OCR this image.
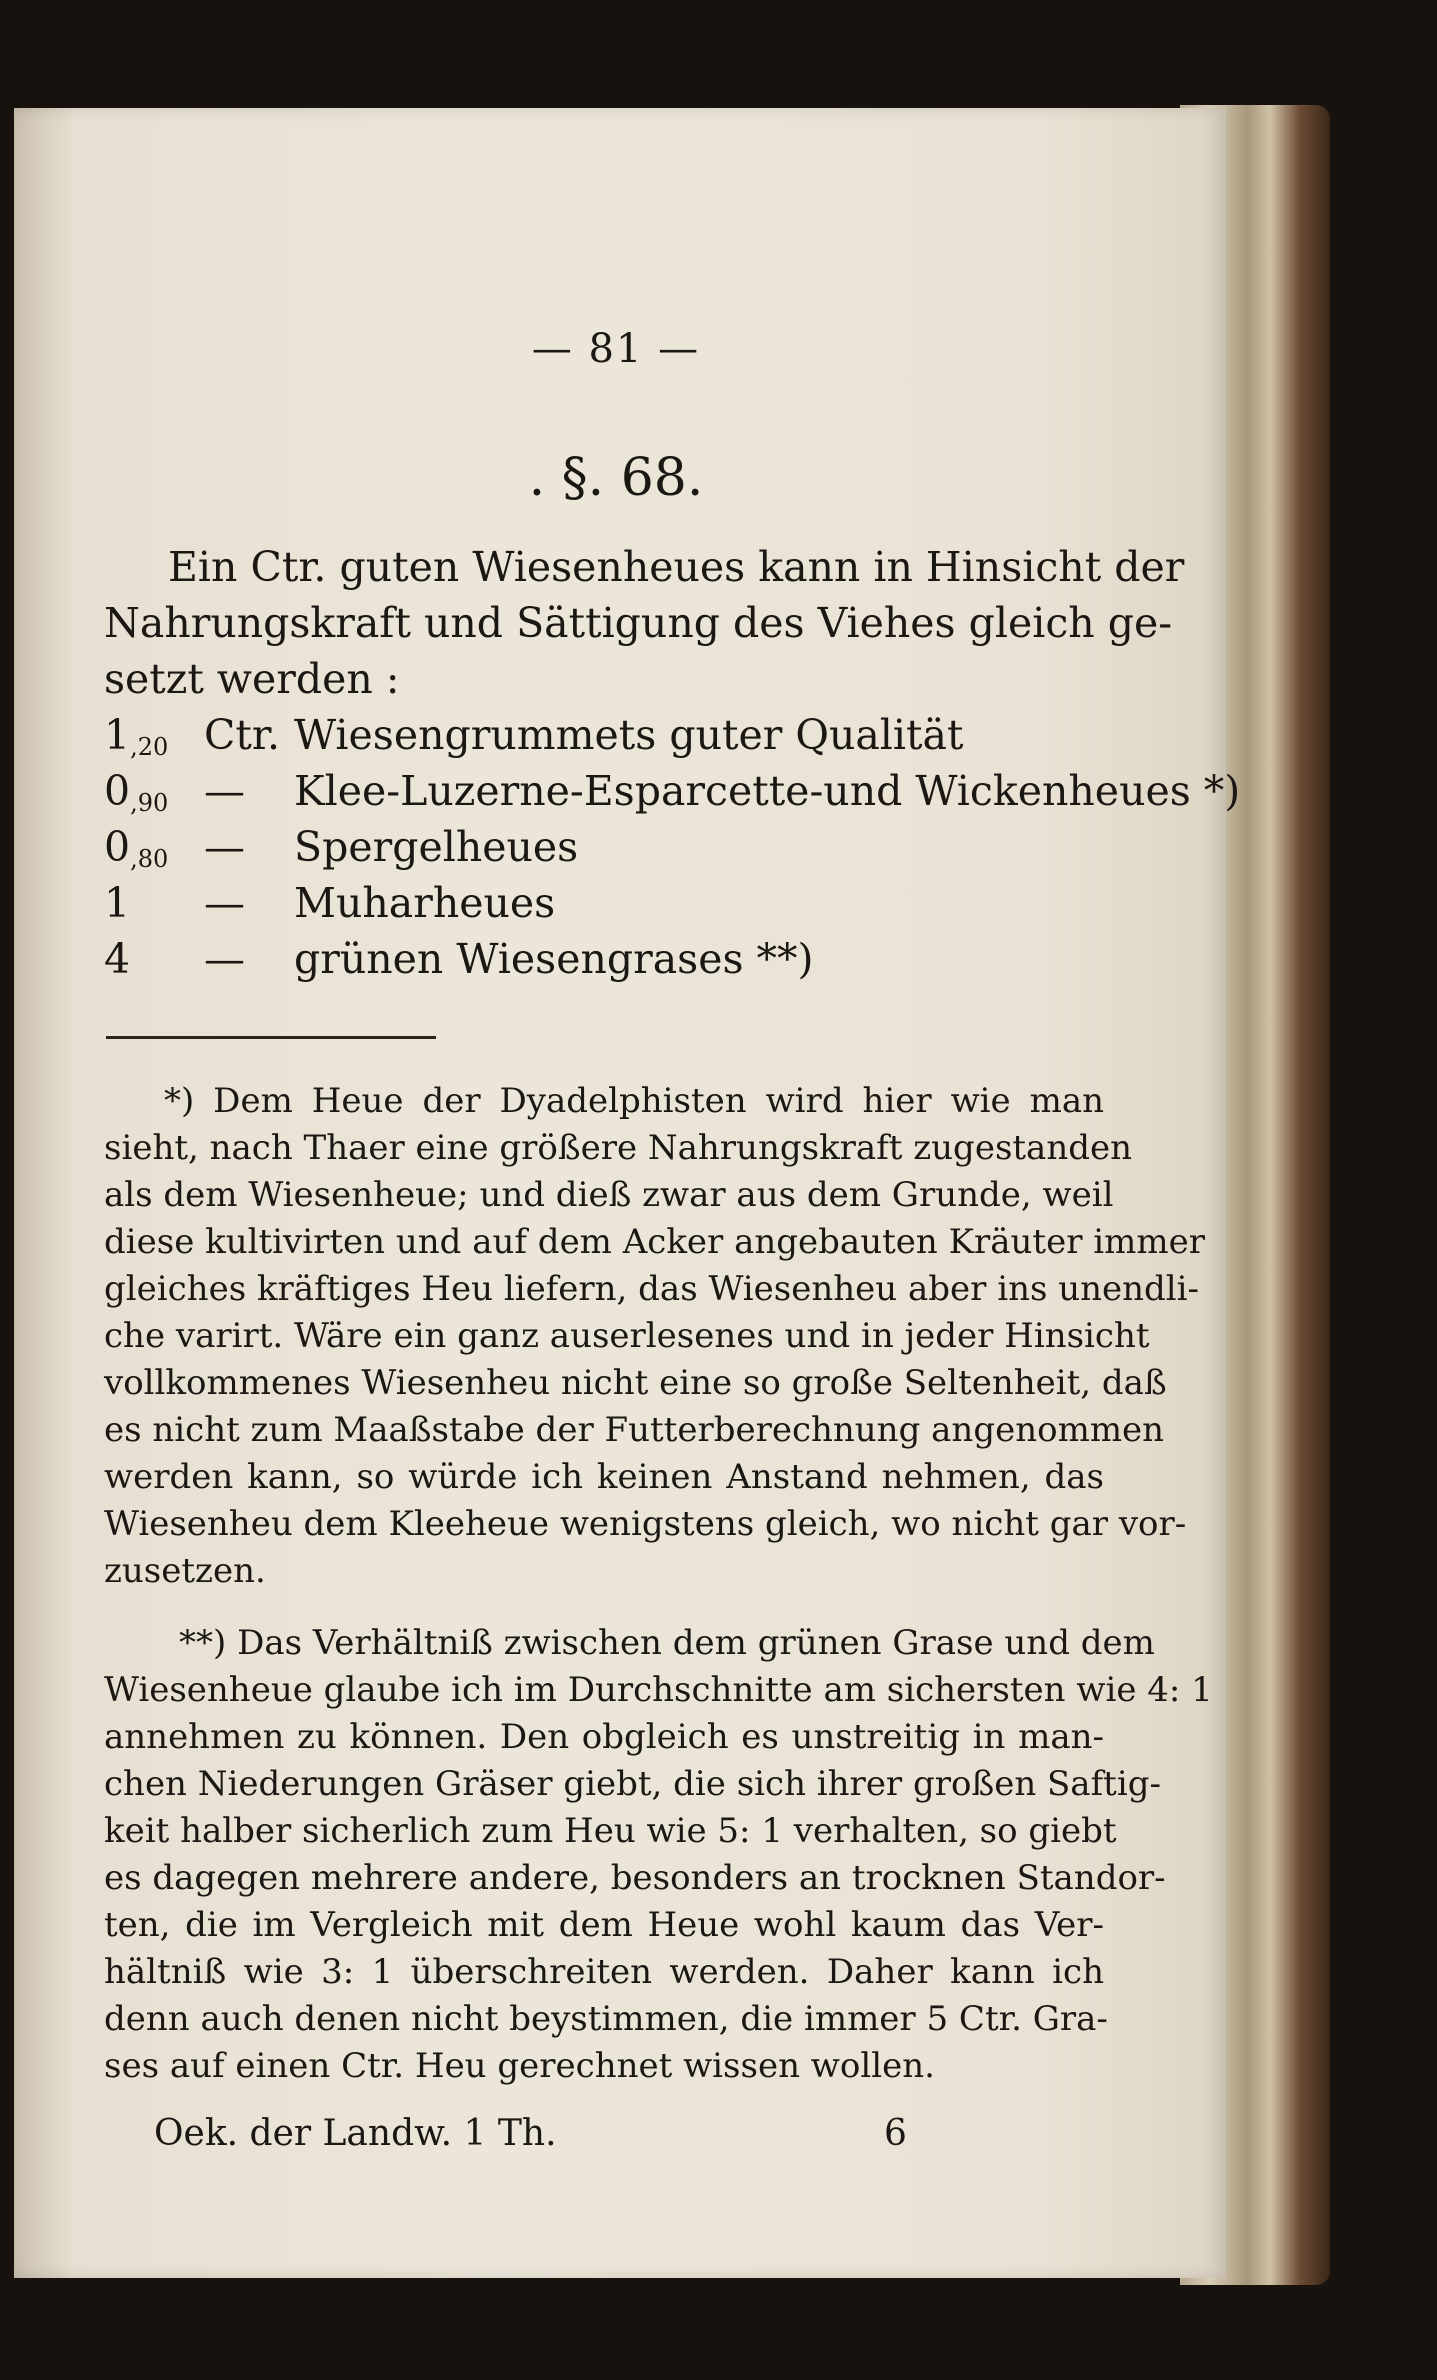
— 81 —
. §. 68.
Ein Ctr. guten Wiesenheues kann in Hinsicht der
Nahrungskraft und Sättigung des Viehes gleich ge-
setzt werden :
$1_{,20}$ Ctr. Wiesengrummets guter Qualität
$0_{,90}$ — Klee-Luzerne-Esparcette-und Wickenheues *)
$0_{,80}$ — Spergelheues
1 — Muharheues
4 — grünen Wiesengrases **)
*) Dem Heue der Dyadelphisten wird hier wie man
sieht, nach Thaer eine größere Nahrungskraft zugestanden
als dem Wiesenheue; und dieß zwar aus dem Grunde, weil
diese kultivirten und auf dem Acker angebauten Kräuter immer
gleiches kräftiges Heu liefern, das Wiesenheu aber ins unendli-
che varirt. Wäre ein ganz auserlesenes und in jeder Hinsicht
vollkommenes Wiesenheu nicht eine so große Seltenheit, daß
es nicht zum Maaßstabe der Futterberechnung angenommen
werden kann, so würde ich keinen Anstand nehmen, das
Wiesenheu dem Kleeheue wenigstens gleich, wo nicht gar vor-
zusetzen.
**) Das Verhältniß zwischen dem grünen Grase und dem
Wiesenheue glaube ich im Durchschnitte am sichersten wie 4: 1
annehmen zu können. Den obgleich es unstreitig in man-
chen Niederungen Gräser giebt, die sich ihrer großen Saftig-
keit halber sicherlich zum Heu wie 5: 1 verhalten, so giebt
es dagegen mehrere andere, besonders an trocknen Standor-
ten, die im Vergleich mit dem Heue wohl kaum das Ver-
hältniß wie 3: 1 überschreiten werden. Daher kann ich
denn auch denen nicht beystimmen, die immer 5 Ctr. Gra-
ses auf einen Ctr. Heu gerechnet wissen wollen.
Oek. der Landw. 1 Th.	6
